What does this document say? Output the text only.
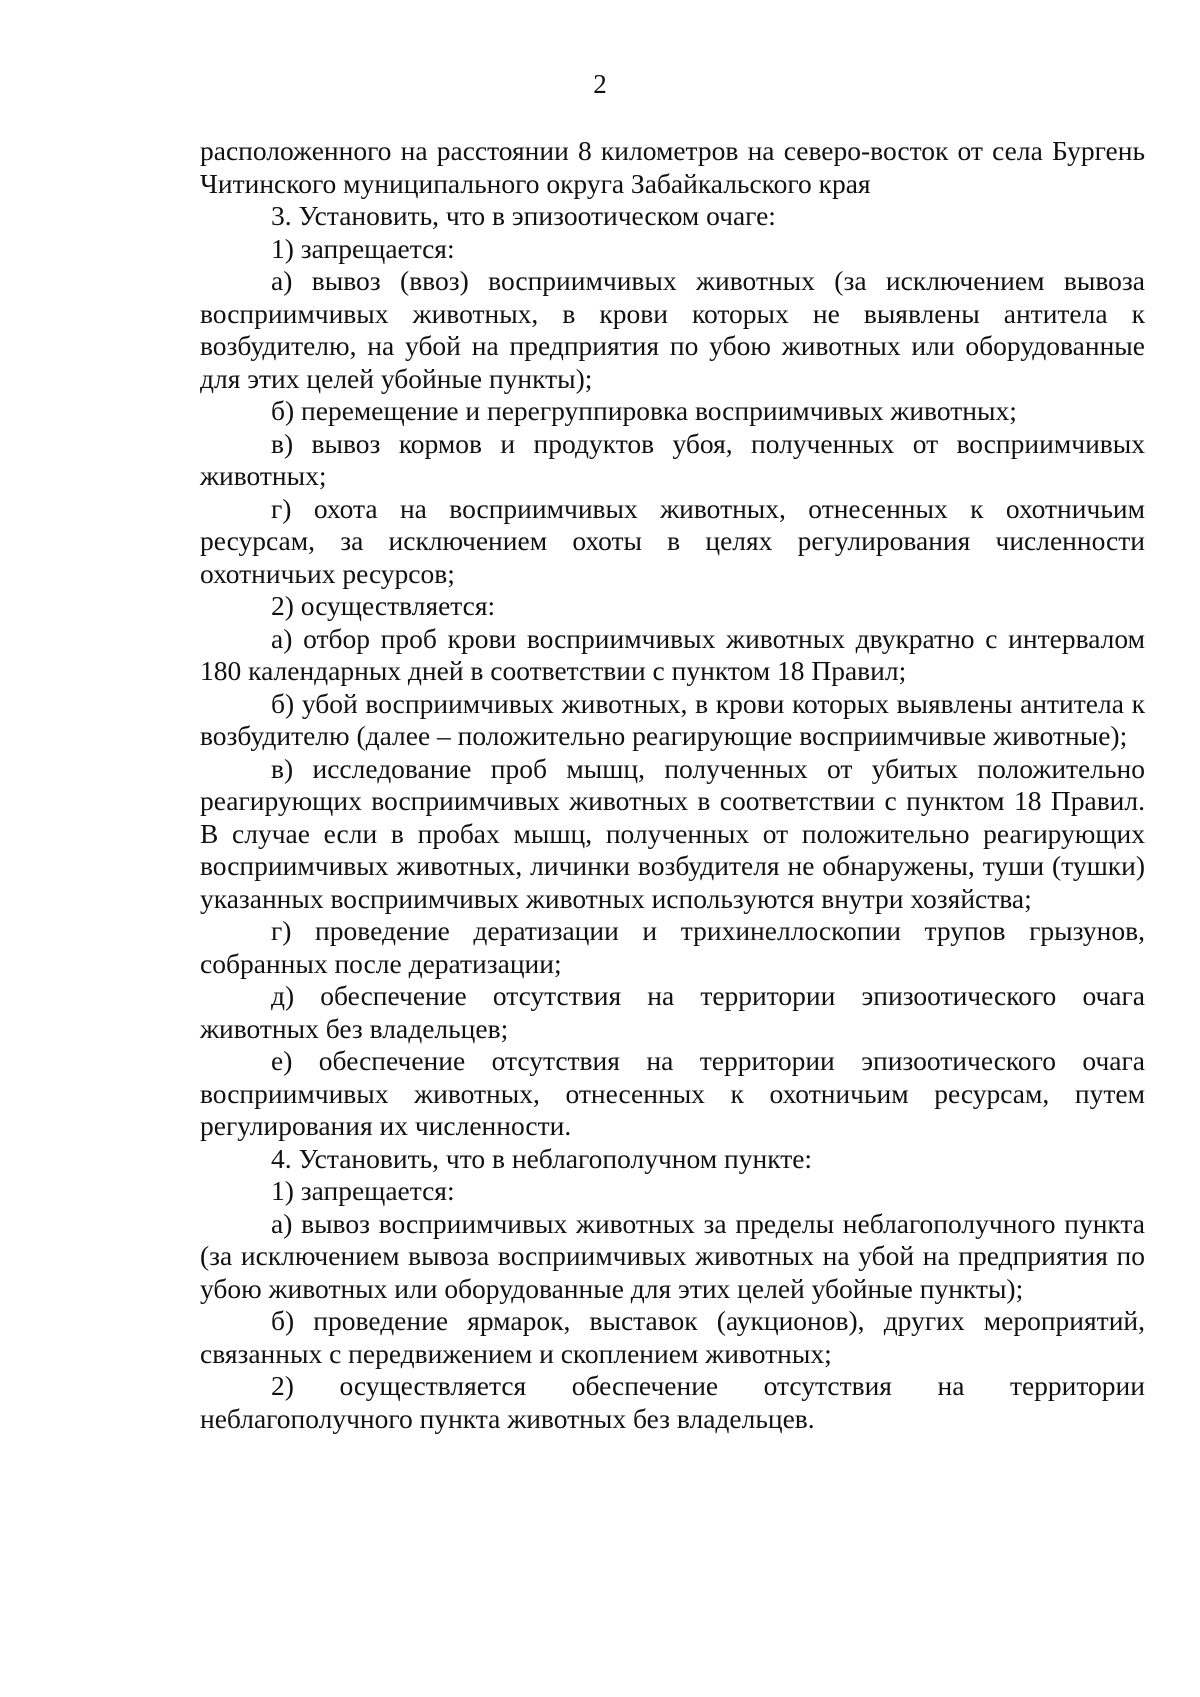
2

расположенного на расстоянии 8 километров на северо-восток от села Бургень Читинского муниципального округа Забайкальского края

3. Установить, что в эпизоотическом очаге:

1) запрещается:

а) вывоз (ввоз) восприимчивых животных (за исключением вывоза восприимчивых животных, в крови которых не выявлены антитела к возбудителю, на убой на предприятия по убою животных или оборудованные для этих целей убойные пункты);

б) перемещение и перегруппировка восприимчивых животных;

в) вывоз кормов и продуктов убоя, полученных от восприимчивых животных;

г) охота на восприимчивых животных, отнесенных к охотничьим ресурсам, за исключением охоты в целях регулирования численности охотничьих ресурсов;

2) осуществляется:

а) отбор проб крови восприимчивых животных двукратно с интервалом 180 календарных дней в соответствии с пунктом 18 Правил;

б) убой восприимчивых животных, в крови которых выявлены антитела к возбудителю (далее – положительно реагирующие восприимчивые животные);

в) исследование проб мышц, полученных от убитых положительно реагирующих восприимчивых животных в соответствии с пунктом 18 Правил. В случае если в пробах мышц, полученных от положительно реагирующих восприимчивых животных, личинки возбудителя не обнаружены, туши (тушки) указанных восприимчивых животных используются внутри хозяйства;

г) проведение дератизации и трихинеллоскопии трупов грызунов, собранных после дератизации;

д) обеспечение отсутствия на территории эпизоотического очага животных без владельцев;

е) обеспечение отсутствия на территории эпизоотического очага восприимчивых животных, отнесенных к охотничьим ресурсам, путем регулирования их численности.

4. Установить, что в неблагополучном пункте:

1) запрещается:

а) вывоз восприимчивых животных за пределы неблагополучного пункта (за исключением вывоза восприимчивых животных на убой на предприятия по убою животных или оборудованные для этих целей убойные пункты);

б) проведение ярмарок, выставок (аукционов), других мероприятий, связанных с передвижением и скоплением животных;

2) осуществляется обеспечение отсутствия на территории неблагополучного пункта животных без владельцев.
